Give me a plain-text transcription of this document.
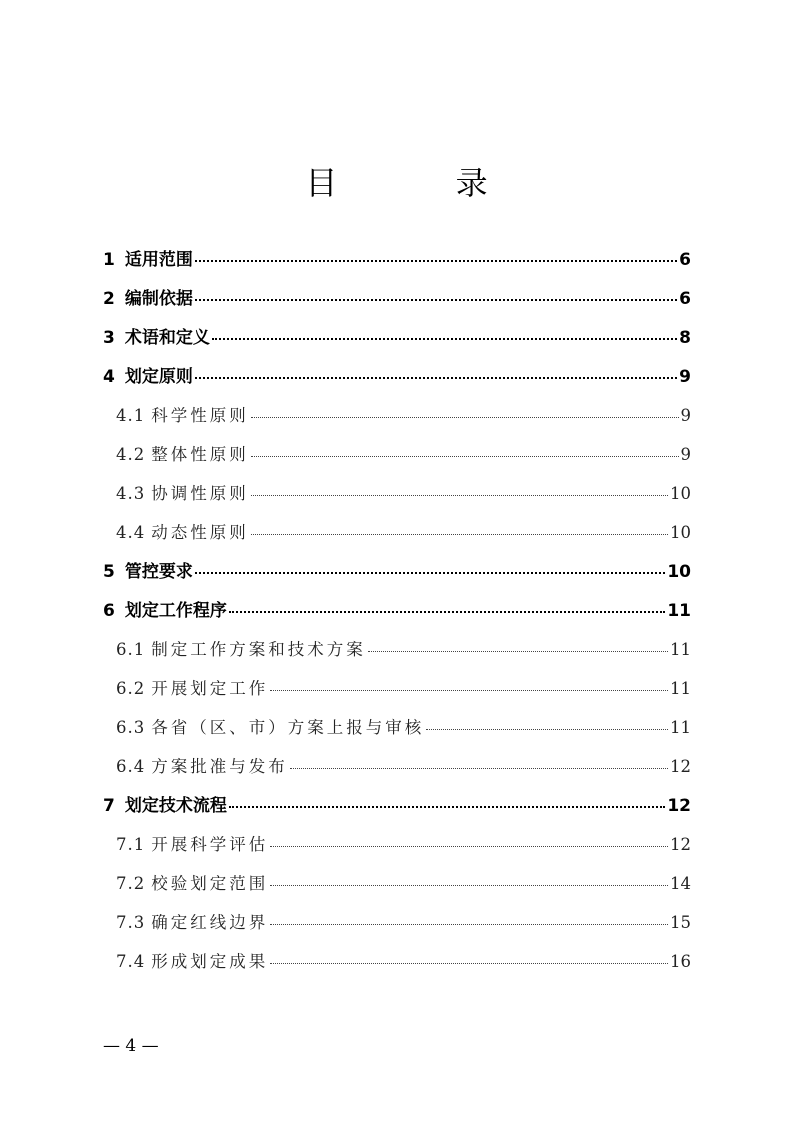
目 录
1 适用范围	6
2 编制依据	6
3 术语和定义	8
4 划定原则	9
4.1 科学性原则	9
4.2 整体性原则	9
4.3 协调性原则	10
4.4 动态性原则	10
5 管控要求	10
6 划定工作程序	11
6.1 制定工作方案和技术方案	11
6.2 开展划定工作	11
6.3 各省（区、市）方案上报与审核	11
6.4 方案批准与发布	12
7 划定技术流程	12
7.1 开展科学评估	12
7.2 校验划定范围	14
7.3 确定红线边界	15
7.4 形成划定成果	16
— 4 —
